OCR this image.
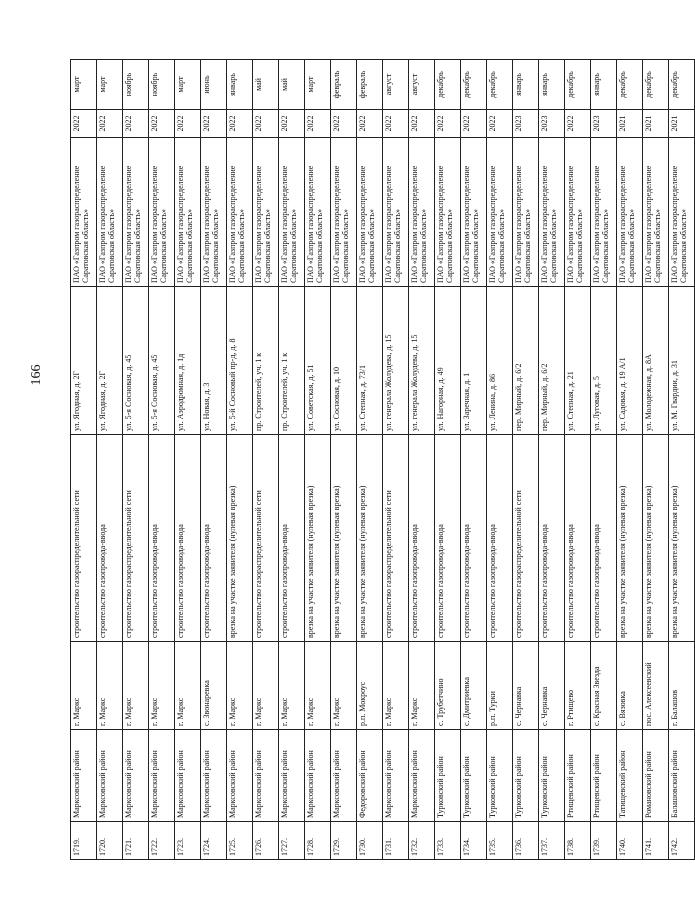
166
1719.	Марксовский район	г. Маркс	строительство газораспределительной сети	ул. Ягодная, д. 2Г	ПАО «Газпром газораспределение Саратовская область»	2022	март
1720.	Марксовский район	г. Маркс	строительство газопровода-ввода	ул. Ягодная, д. 2Г	ПАО «Газпром газораспределение Саратовская область»	2022	март
1721.	Марксовский район	г. Маркс	строительство газораспределительной сети	ул. 5-я Сосновая, д. 45	ПАО «Газпром газораспределение Саратовская область»	2022	ноябрь
1722.	Марксовский район	г. Маркс	строительство газопровода-ввода	ул. 5-я Сосновая, д. 45	ПАО «Газпром газораспределение Саратовская область»	2022	ноябрь
1723.	Марксовский район	г. Маркс	строительство газопровода-ввода	ул. Аэродромная, д. 1д	ПАО «Газпром газораспределение Саратовская область»	2022	март
1724.	Марксовский район	с. Звонаревка	строительство газопровода-ввода	ул. Новая, д. 3	ПАО «Газпром газораспределение Саратовская область»	2022	июнь
1725.	Марксовский район	г. Маркс	врезка на участке заявителя (нулевая врезка)	ул. 5-й Сосновый пр-д, д. 8	ПАО «Газпром газораспределение Саратовская область»	2022	январь
1726.	Марксовский район	г. Маркс	строительство газораспределительной сети	пр. Строителей, уч. 1 к	ПАО «Газпром газораспределение Саратовская область»	2022	май
1727.	Марксовский район	г. Маркс	строительство газопровода-ввода	пр. Строителей, уч. 1 к	ПАО «Газпром газораспределение Саратовская область»	2022	май
1728.	Марксовский район	г. Маркс	врезка на участке заявителя (нулевая врезка)	ул. Советская, д. 51	ПАО «Газпром газораспределение Саратовская область»	2022	март
1729.	Марксовский район	г. Маркс	врезка на участке заявителя (нулевая врезка)	ул. Сосновая, д. 10	ПАО «Газпром газораспределение Саратовская область»	2022	февраль
1730.	Федоровский район	р.п. Мокроус	врезка на участке заявителя (нулевая врезка)	ул. Степная, д. 73/1	ПАО «Газпром газораспределение Саратовская область»	2022	февраль
1731.	Марксовский район	г. Маркс	строительство газораспределительной сети	ул. генерала Жолудева, д. 15	ПАО «Газпром газораспределение Саратовская область»	2022	август
1732.	Марксовский район	г. Маркс	строительство газопровода-ввода	ул. генерала Жолудева, д. 15	ПАО «Газпром газораспределение Саратовская область»	2022	август
1733.	Турковский район	с. Трубетчино	строительство газопровода-ввода	ул. Нагорная, д. 49	ПАО «Газпром газораспределение Саратовская область»	2022	декабрь
1734.	Турковский район	с. Дмитриевка	строительство газопровода-ввода	ул. Заречная, д. 1	ПАО «Газпром газораспределение Саратовская область»	2022	декабрь
1735.	Турковский район	р.п. Турки	строительство газопровода-ввода	ул. Ленина, д. 86	ПАО «Газпром газораспределение Саратовская область»	2022	декабрь
1736.	Турковский район	с. Чернавка	строительство газораспределительной сети	пер. Мирный, д. 6/2	ПАО «Газпром газораспределение Саратовская область»	2023	январь
1737.	Турковский район	с. Чернавка	строительство газопровода-ввода	пер. Мирный, д. 6/2	ПАО «Газпром газораспределение Саратовская область»	2023	январь
1738.	Ртищевский район	г. Ртищево	строительство газопровода-ввода	ул. Степная, д. 21	ПАО «Газпром газораспределение Саратовская область»	2022	декабрь
1739.	Ртищевский район	с. Красная Звезда	строительство газопровода-ввода	ул. Луговая, д. 5	ПАО «Газпром газораспределение Саратовская область»	2023	январь
1740.	Татищевский район	с. Вязовка	врезка на участке заявителя (нулевая врезка)	ул. Садовая, д. 19 А/1	ПАО «Газпром газораспределение Саратовская область»	2021	декабрь
1741.	Романовский район	пос. Алексеевский	врезка на участке заявителя (нулевая врезка)	ул. Молодежная, д. 8А	ПАО «Газпром газораспределение Саратовская область»	2021	декабрь
1742.	Балашовский район	г. Балашов	врезка на участке заявителя (нулевая врезка)	ул. М. Гвардии, д. 31	ПАО «Газпром газораспределение Саратовская область»	2021	декабрь
